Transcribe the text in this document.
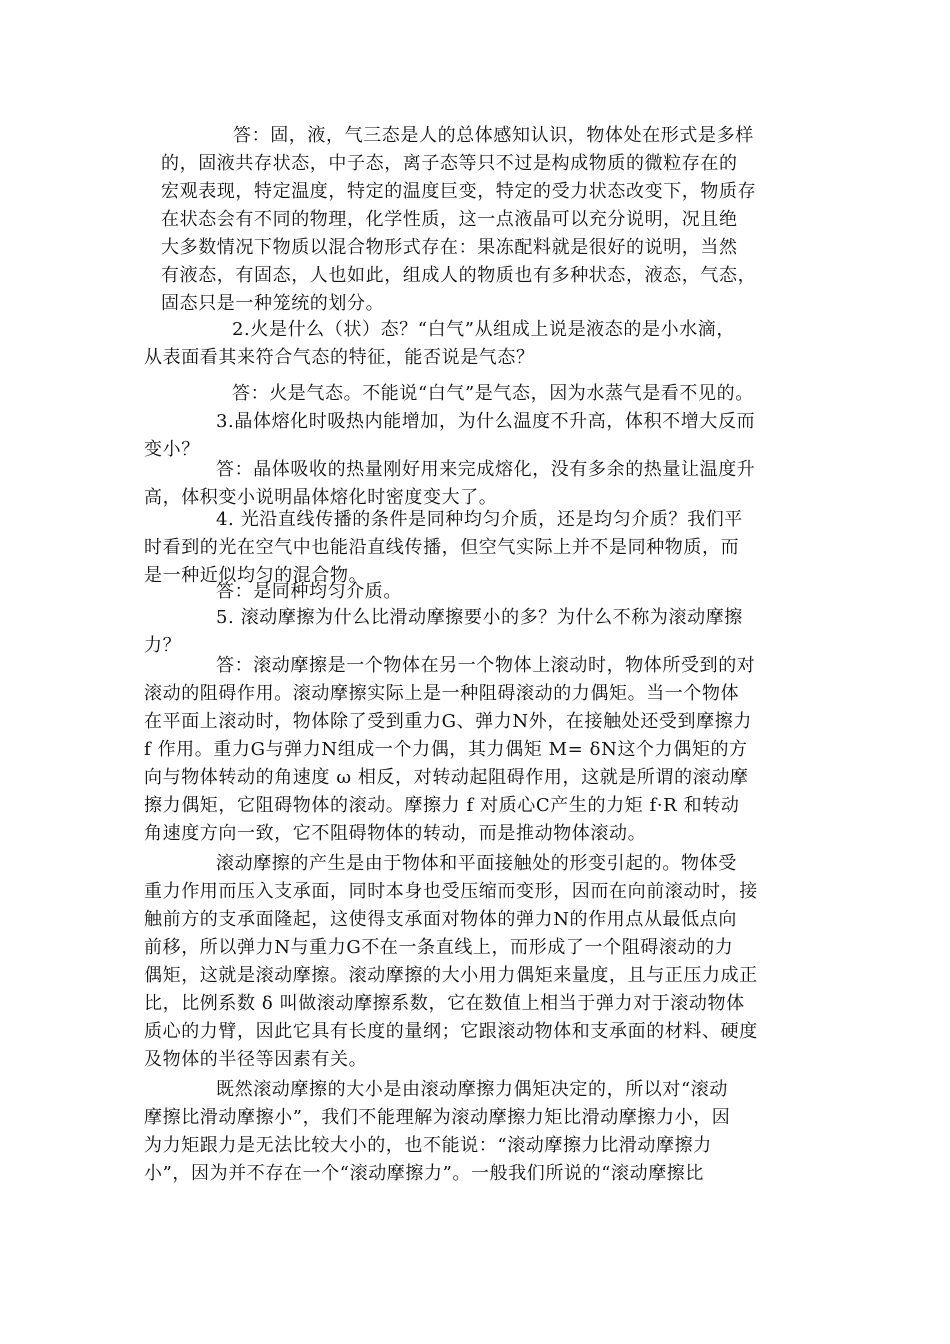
答：固，液，气三态是人的总体感知认识，物体处在形式是多样
的，固液共存状态，中子态，离子态等只不过是构成物质的微粒存在的
宏观表现，特定温度，特定的温度巨变，特定的受力状态改变下，物质存
在状态会有不同的物理，化学性质，这一点液晶可以充分说明，况且绝
大多数情况下物质以混合物形式存在：果冻配料就是很好的说明，当然
有液态，有固态，人也如此，组成人的物质也有多种状态，液态，气态，
固态只是一种笼统的划分。
2.火是什么（状）态？“白气”从组成上说是液态的是小水滴，
从表面看其来符合气态的特征，能否说是气态？
答：火是气态。不能说“白气”是气态，因为水蒸气是看不见的。
3.晶体熔化时吸热内能增加，为什么温度不升高，体积不增大反而
变小？
答：晶体吸收的热量刚好用来完成熔化，没有多余的热量让温度升
高，体积变小说明晶体熔化时密度变大了。
4. 光沿直线传播的条件是同种均匀介质，还是均匀介质？我们平
时看到的光在空气中也能沿直线传播，但空气实际上并不是同种物质，而
是一种近似均匀的混合物。
答：是同种均匀介质。
5. 滚动摩擦为什么比滑动摩擦要小的多？为什么不称为滚动摩擦
力？
答：滚动摩擦是一个物体在另一个物体上滚动时，物体所受到的对
滚动的阻碍作用。滚动摩擦实际上是一种阻碍滚动的力偶矩。当一个物体
在平面上滚动时，物体除了受到重力G、弹力N外，在接触处还受到摩擦力
f 作用。重力G与弹力N组成一个力偶，其力偶矩 M= δN这个力偶矩的方
向与物体转动的角速度 ω 相反，对转动起阻碍作用，这就是所谓的滚动摩
擦力偶矩，它阻碍物体的滚动。摩擦力 f 对质心C产生的力矩 f·R 和转动
角速度方向一致，它不阻碍物体的转动，而是推动物体滚动。
滚动摩擦的产生是由于物体和平面接触处的形变引起的。物体受
重力作用而压入支承面，同时本身也受压缩而变形，因而在向前滚动时，接
触前方的支承面隆起，这使得支承面对物体的弹力N的作用点从最低点向
前移，所以弹力N与重力G不在一条直线上，而形成了一个阻碍滚动的力
偶矩，这就是滚动摩擦。滚动摩擦的大小用力偶矩来量度，且与正压力成正
比，比例系数 δ 叫做滚动摩擦系数，它在数值上相当于弹力对于滚动物体
质心的力臂，因此它具有长度的量纲；它跟滚动物体和支承面的材料、硬度
及物体的半径等因素有关。
既然滚动摩擦的大小是由滚动摩擦力偶矩决定的，所以对“滚动
摩擦比滑动摩擦小”，我们不能理解为滚动摩擦力矩比滑动摩擦力小，因
为力矩跟力是无法比较大小的，也不能说：“滚动摩擦力比滑动摩擦力
小”，因为并不存在一个“滚动摩擦力”。一般我们所说的“滚动摩擦比
